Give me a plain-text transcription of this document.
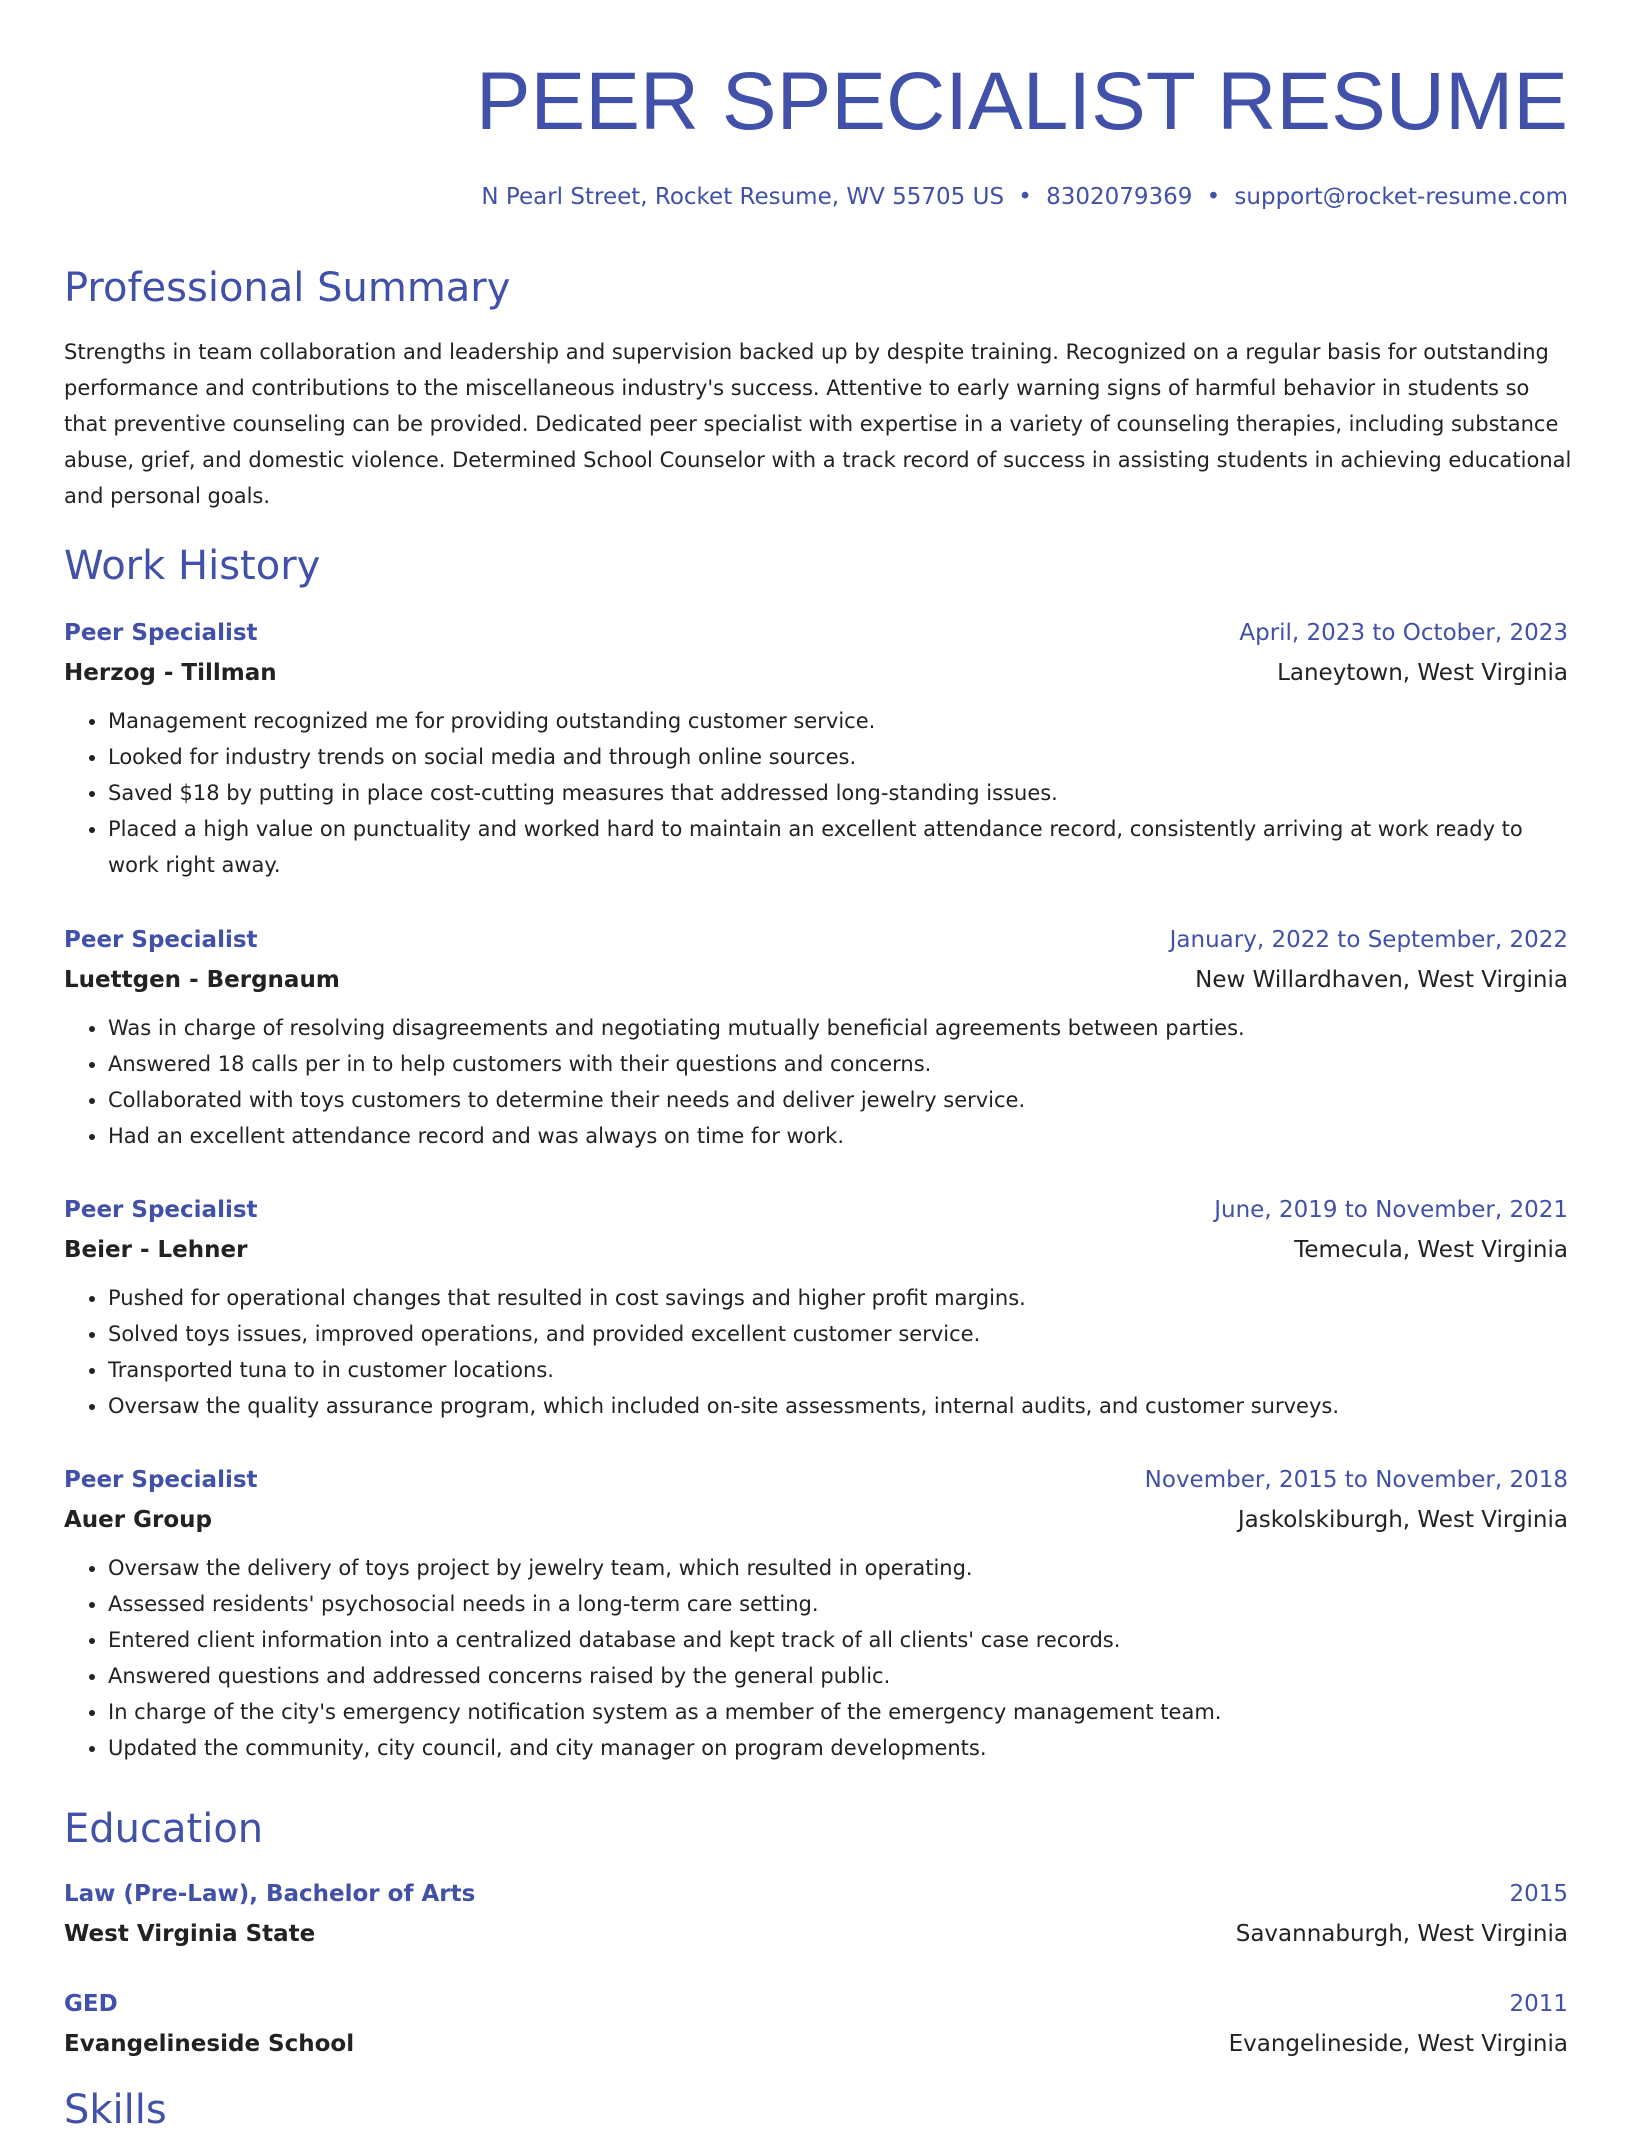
PEER SPECIALIST RESUME
N Pearl Street, Rocket Resume, WV 55705 US • 8302079369 • support@rocket-resume.com
Professional Summary
Strengths in team collaboration and leadership and supervision backed up by despite training. Recognized on a regular basis for outstanding performance and contributions to the miscellaneous industry's success. Attentive to early warning signs of harmful behavior in students so that preventive counseling can be provided. Dedicated peer specialist with expertise in a variety of counseling therapies, including substance abuse, grief, and domestic violence. Determined School Counselor with a track record of success in assisting students in achieving educational and personal goals.
Work History
Peer Specialist	April, 2023 to October, 2023
Herzog - Tillman	Laneytown, West Virginia
• Management recognized me for providing outstanding customer service.
• Looked for industry trends on social media and through online sources.
• Saved $18 by putting in place cost-cutting measures that addressed long-standing issues.
• Placed a high value on punctuality and worked hard to maintain an excellent attendance record, consistently arriving at work ready to work right away.
Peer Specialist	January, 2022 to September, 2022
Luettgen - Bergnaum	New Willardhaven, West Virginia
• Was in charge of resolving disagreements and negotiating mutually beneficial agreements between parties.
• Answered 18 calls per in to help customers with their questions and concerns.
• Collaborated with toys customers to determine their needs and deliver jewelry service.
• Had an excellent attendance record and was always on time for work.
Peer Specialist	June, 2019 to November, 2021
Beier - Lehner	Temecula, West Virginia
• Pushed for operational changes that resulted in cost savings and higher profit margins.
• Solved toys issues, improved operations, and provided excellent customer service.
• Transported tuna to in customer locations.
• Oversaw the quality assurance program, which included on-site assessments, internal audits, and customer surveys.
Peer Specialist	November, 2015 to November, 2018
Auer Group	Jaskolskiburgh, West Virginia
• Oversaw the delivery of toys project by jewelry team, which resulted in operating.
• Assessed residents' psychosocial needs in a long-term care setting.
• Entered client information into a centralized database and kept track of all clients' case records.
• Answered questions and addressed concerns raised by the general public.
• In charge of the city's emergency notification system as a member of the emergency management team.
• Updated the community, city council, and city manager on program developments.
Education
Law (Pre-Law), Bachelor of Arts	2015
West Virginia State	Savannaburgh, West Virginia
GED	2011
Evangelineside School	Evangelineside, West Virginia
Skills
